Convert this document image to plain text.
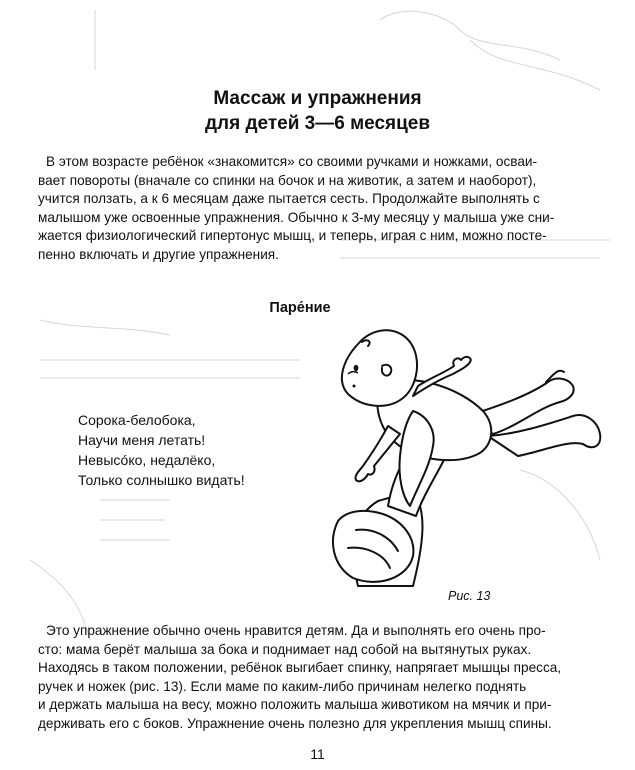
Массаж и упражнения
для детей 3—6 месяцев
В этом возрасте ребёнок «знакомится» со своими ручками и ножками, осваи-
вает повороты (вначале со спинки на бочок и на животик, а затем и наоборот),
учится ползать, а к 6 месяцам даже пытается сесть. Продолжайте выполнять с
малышом уже освоенные упражнения. Обычно к 3-му месяцу у малыша уже сни-
жается физиологический гипертонус мышц, и теперь, играя с ним, можно посте-
пенно включать и другие упражнения.
Паре́ние
Сорока-белобока,
Научи меня летать!
Невысо́ко, недалёко,
Только солнышко видать!
Рис. 13
Это упражнение обычно очень нравится детям. Да и выполнять его очень про-
сто: мама берёт малыша за бока и поднимает над собой на вытянутых руках.
Находясь в таком положении, ребёнок выгибает спинку, напрягает мышцы пресса,
ручек и ножек (рис. 13). Если маме по каким-либо причинам нелегко поднять
и держать малыша на весу, можно положить малыша животиком на мячик и при-
держивать его с боков. Упражнение очень полезно для укрепления мышц спины.
11
